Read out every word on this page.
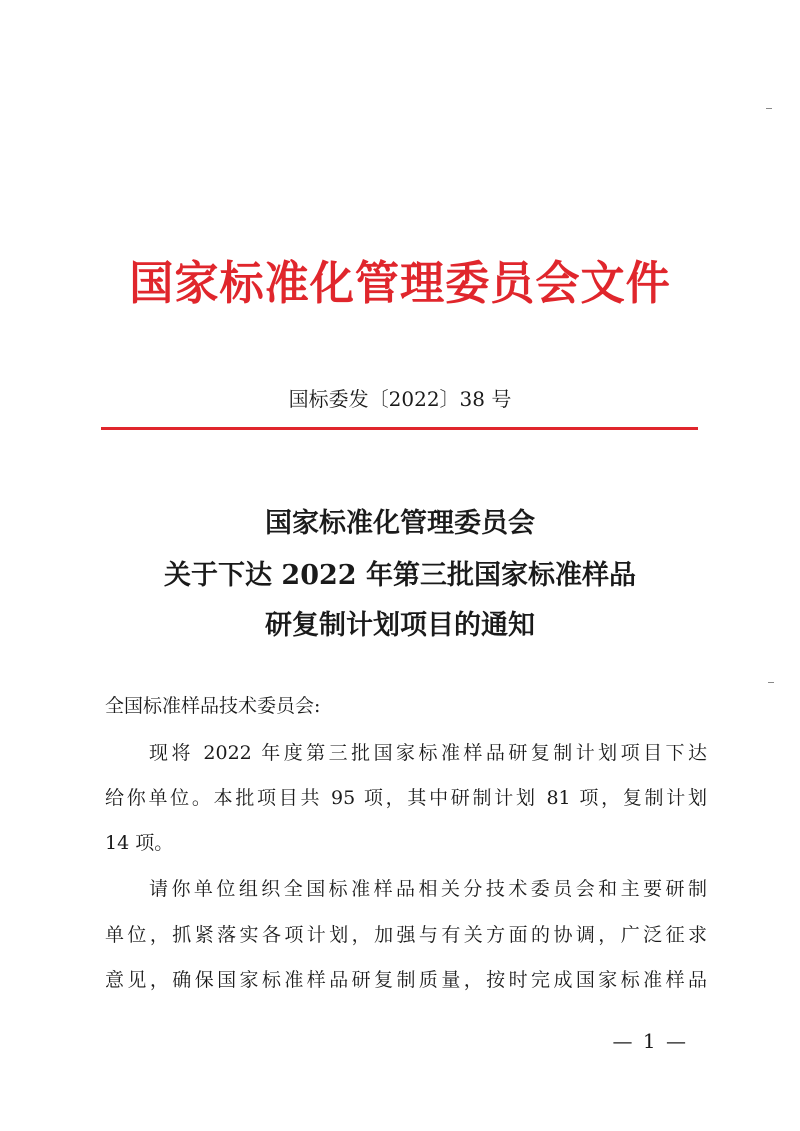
国家标准化管理委员会文件
国标委发〔2022〕38 号
国家标准化管理委员会
关于下达 2022 年第三批国家标准样品
研复制计划项目的通知
全国标准样品技术委员会:
现将 2022 年度第三批国家标准样品研复制计划项目下达
给你单位。本批项目共 95 项，其中研制计划 81 项，复制计划
14 项。
请你单位组织全国标准样品相关分技术委员会和主要研制
单位，抓紧落实各项计划，加强与有关方面的协调，广泛征求
意见，确保国家标准样品研复制质量，按时完成国家标准样品
— 1 —
